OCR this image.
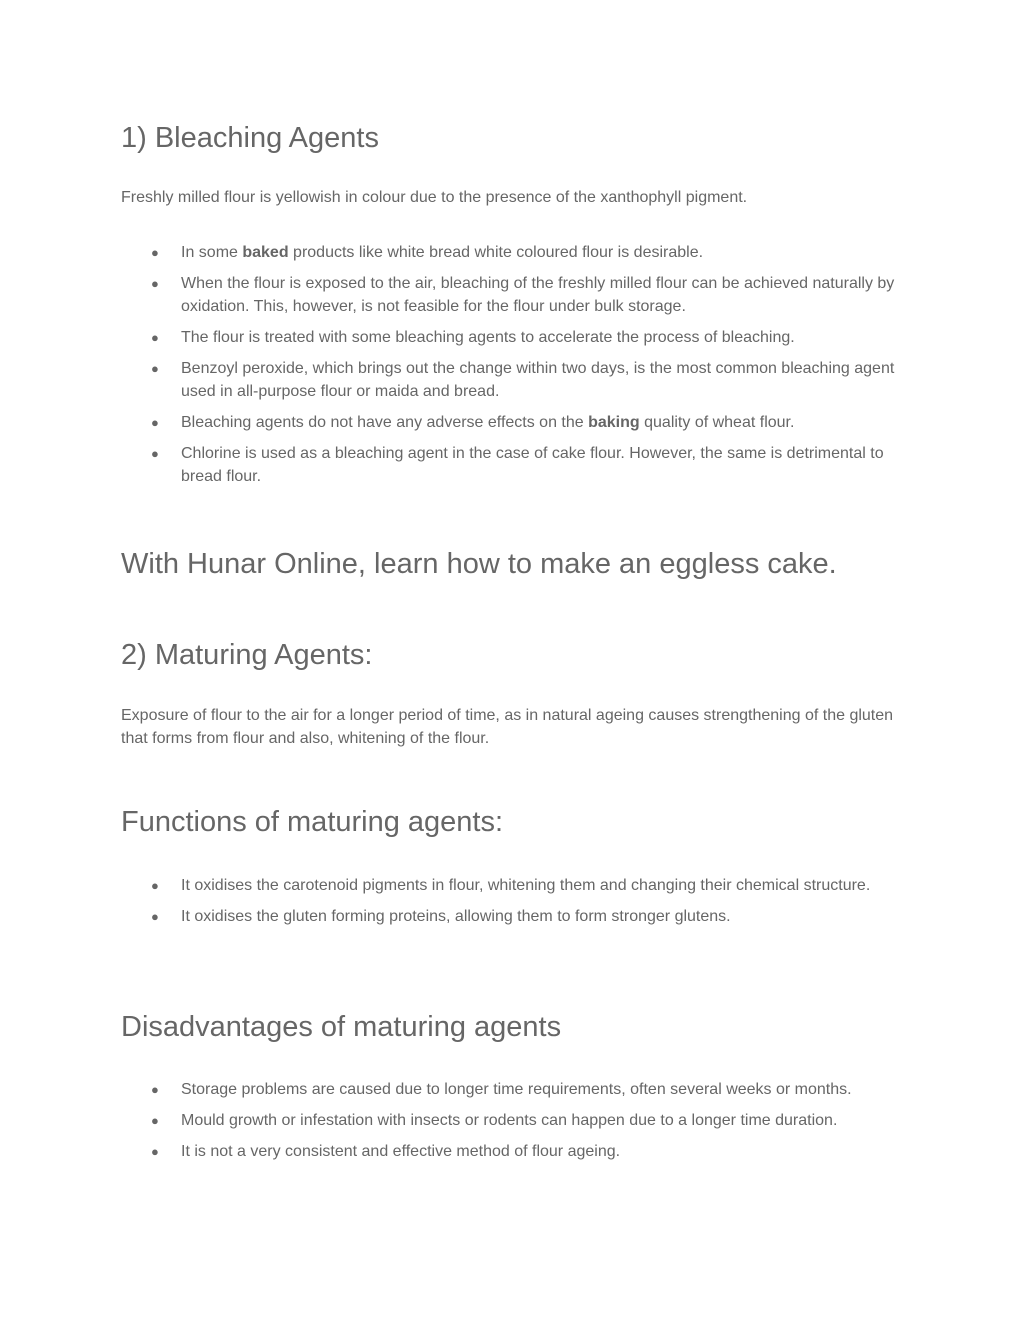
1) Bleaching Agents

Freshly milled flour is yellowish in colour due to the presence of the xanthophyll pigment.

● In some baked products like white bread white coloured flour is desirable.
● When the flour is exposed to the air, bleaching of the freshly milled flour can be achieved naturally by oxidation. This, however, is not feasible for the flour under bulk storage.
● The flour is treated with some bleaching agents to accelerate the process of bleaching.
● Benzoyl peroxide, which brings out the change within two days, is the most common bleaching agent used in all-purpose flour or maida and bread.
● Bleaching agents do not have any adverse effects on the baking quality of wheat flour.
● Chlorine is used as a bleaching agent in the case of cake flour. However, the same is detrimental to bread flour.
With Hunar Online, learn how to make an eggless cake.
2) Maturing Agents:

Exposure of flour to the air for a longer period of time, as in natural ageing causes strengthening of the gluten that forms from flour and also, whitening of the flour.

Functions of maturing agents:
● It oxidises the carotenoid pigments in flour, whitening them and changing their chemical structure.
● It oxidises the gluten forming proteins, allowing them to form stronger glutens.
Disadvantages of maturing agents
● Storage problems are caused due to longer time requirements, often several weeks or months.
● Mould growth or infestation with insects or rodents can happen due to a longer time duration.
● It is not a very consistent and effective method of flour ageing.
